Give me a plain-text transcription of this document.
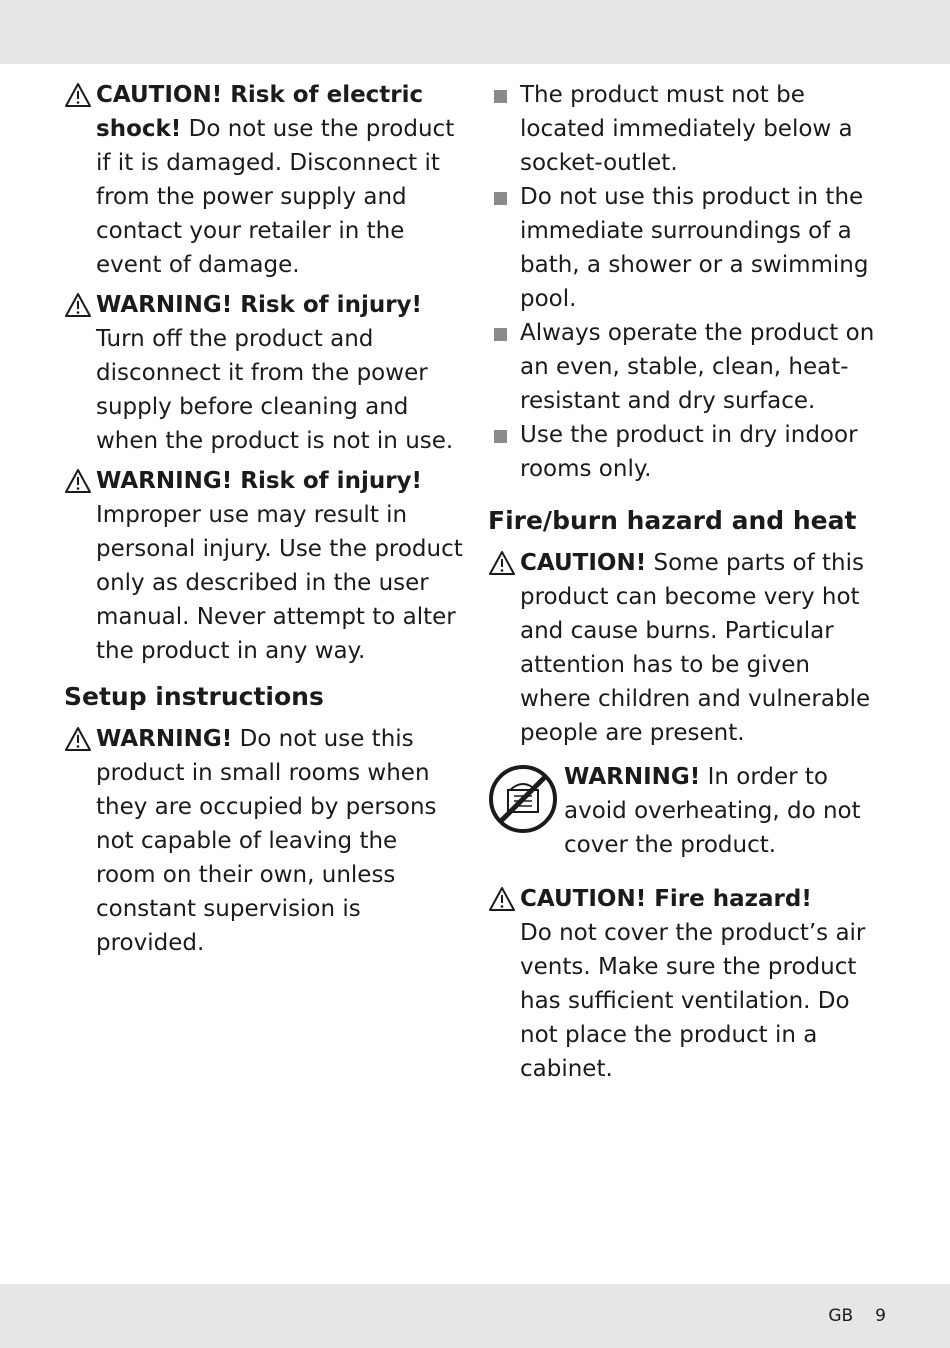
CAUTION! Risk of electric
shock! Do not use the product if it is damaged. Disconnect it from the power supply and contact your retailer in the event of damage.
WARNING! Risk of injury!
Turn off the product and disconnect it from the power supply before cleaning and when the product is not in use.
WARNING! Risk of injury!
Improper use may result in personal injury. Use the product only as described in the user manual. Never attempt to alter the product in any way.
Setup instructions
WARNING! Do not use this product in small rooms when they are occupied by persons not capable of leaving the room on their own, unless constant supervision is provided.
The product must not be located immediately below a socket-outlet.
Do not use this product in the immediate surroundings of a bath, a shower or a swimming pool.
Always operate the product on an even, stable, clean, heat-resistant and dry surface.
Use the product in dry indoor rooms only.
Fire/burn hazard and heat
CAUTION! Some parts of this product can become very hot and cause burns. Particular attention has to be given where children and vulnerable people are present.
WARNING! In order to avoid overheating, do not cover the product.
CAUTION! Fire hazard!
Do not cover the product’s air vents. Make sure the product has sufficient ventilation. Do not place the product in a cabinet.
GB 9
